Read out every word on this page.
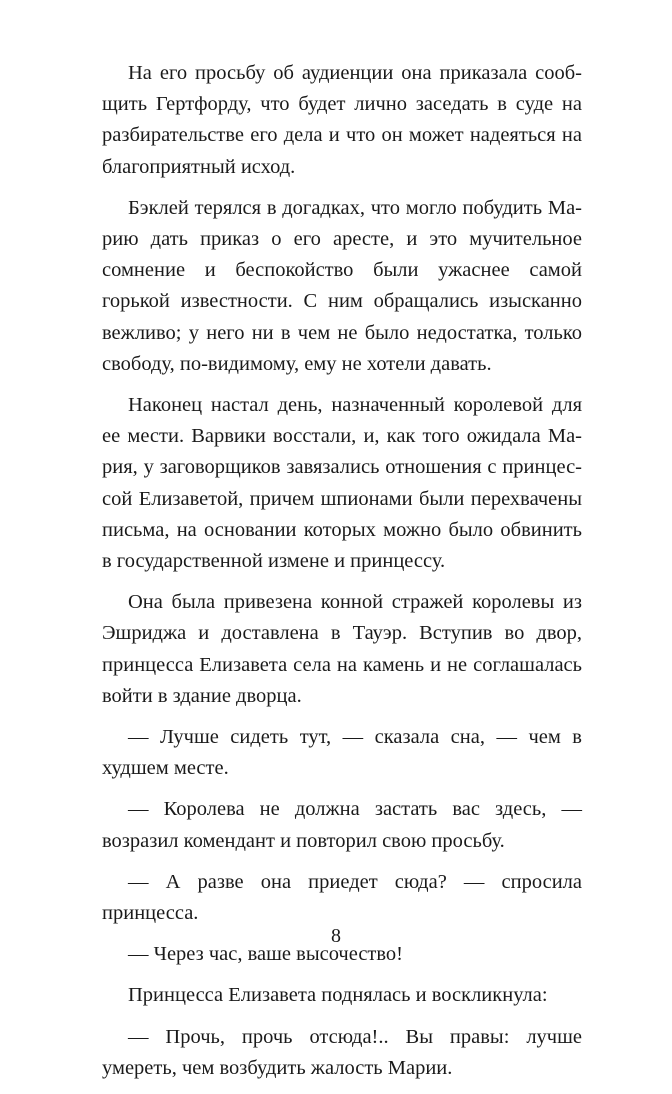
На его просьбу об аудиенции она приказала сообщить Гертфорду, что будет лично заседать в суде на разбирательстве его дела и что он может надеяться на благоприятный исход.

Бэклей терялся в догадках, что могло побудить Марию дать приказ о его аресте, и это мучительное сомнение и беспокойство были ужаснее самой горькой известности. С ним обращались изысканно вежливо; у него ни в чем не было недостатка, только свободу, по-видимому, ему не хотели давать.

Наконец настал день, назначенный королевой для ее мести. Варвики восстали, и, как того ожидала Мария, у заговорщиков завязались отношения с принцессой Елизаветой, причем шпионами были перехвачены письма, на основании которых можно было обвинить в государственной измене и принцессу.

Она была привезена конной стражей королевы из Эшриджа и доставлена в Тауэр. Вступив во двор, принцесса Елизавета села на камень и не соглашалась войти в здание дворца.

— Лучше сидеть тут, — сказала сна, — чем в худшем месте.

— Королева не должна застать вас здесь, — возразил комендант и повторил свою просьбу.

— А разве она приедет сюда? — спросила принцесса.

— Через час, ваше высочество!

Принцесса Елизавета поднялась и воскликнула:

— Прочь, прочь отсюда!.. Вы правы: лучше умереть, чем возбудить жалость Марии.

8
